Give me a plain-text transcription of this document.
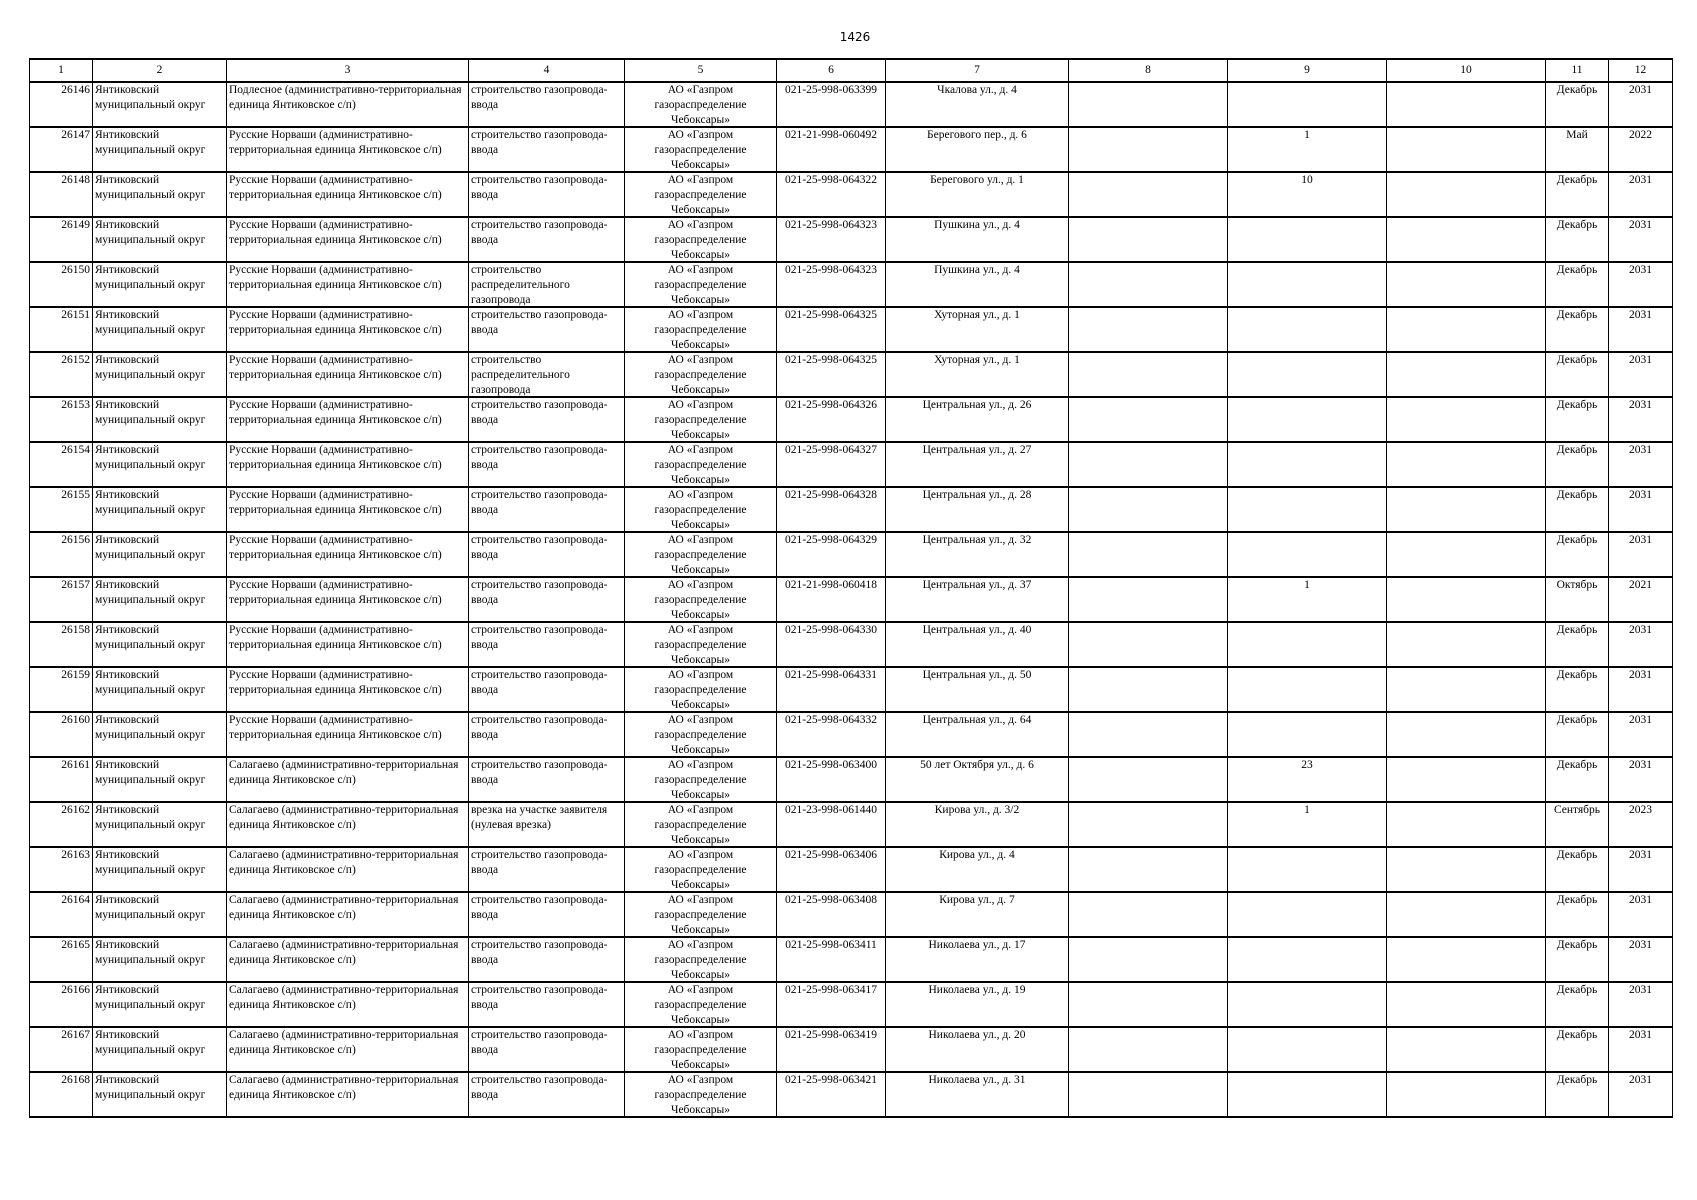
1426
1	2	3	4	5	6	7	8	9	10	11	12

26146	Янтиковский муниципальный округ	Подлесное (административно-территориальная единица Янтиковское с/п)	строительство газопровода-ввода	АО «Газпром газораспределение Чебоксары»	021-25-998-063399	Чкалова ул., д. 4				Декабрь	2031

26147	Янтиковский муниципальный округ	Русские Норваши (административно-территориальная единица Янтиковское с/п)	строительство газопровода-ввода	АО «Газпром газораспределение Чебоксары»	021-21-998-060492	Берегового пер., д. 6		1		Май	2022

26148	Янтиковский муниципальный округ	Русские Норваши (административно-территориальная единица Янтиковское с/п)	строительство газопровода-ввода	АО «Газпром газораспределение Чебоксары»	021-25-998-064322	Берегового ул., д. 1		10		Декабрь	2031

26149	Янтиковский муниципальный округ	Русские Норваши (административно-территориальная единица Янтиковское с/п)	строительство газопровода-ввода	АО «Газпром газораспределение Чебоксары»	021-25-998-064323	Пушкина ул., д. 4				Декабрь	2031

26150	Янтиковский муниципальный округ	Русские Норваши (административно-территориальная единица Янтиковское с/п)	строительство распределительного газопровода	АО «Газпром газораспределение Чебоксары»	021-25-998-064323	Пушкина ул., д. 4				Декабрь	2031

26151	Янтиковский муниципальный округ	Русские Норваши (административно-территориальная единица Янтиковское с/п)	строительство газопровода-ввода	АО «Газпром газораспределение Чебоксары»	021-25-998-064325	Хуторная ул., д. 1				Декабрь	2031

26152	Янтиковский муниципальный округ	Русские Норваши (административно-территориальная единица Янтиковское с/п)	строительство распределительного газопровода	АО «Газпром газораспределение Чебоксары»	021-25-998-064325	Хуторная ул., д. 1				Декабрь	2031

26153	Янтиковский муниципальный округ	Русские Норваши (административно-территориальная единица Янтиковское с/п)	строительство газопровода-ввода	АО «Газпром газораспределение Чебоксары»	021-25-998-064326	Центральная ул., д. 26				Декабрь	2031

26154	Янтиковский муниципальный округ	Русские Норваши (административно-территориальная единица Янтиковское с/п)	строительство газопровода-ввода	АО «Газпром газораспределение Чебоксары»	021-25-998-064327	Центральная ул., д. 27				Декабрь	2031

26155	Янтиковский муниципальный округ	Русские Норваши (административно-территориальная единица Янтиковское с/п)	строительство газопровода-ввода	АО «Газпром газораспределение Чебоксары»	021-25-998-064328	Центральная ул., д. 28				Декабрь	2031

26156	Янтиковский муниципальный округ	Русские Норваши (административно-территориальная единица Янтиковское с/п)	строительство газопровода-ввода	АО «Газпром газораспределение Чебоксары»	021-25-998-064329	Центральная ул., д. 32				Декабрь	2031

26157	Янтиковский муниципальный округ	Русские Норваши (административно-территориальная единица Янтиковское с/п)	строительство газопровода-ввода	АО «Газпром газораспределение Чебоксары»	021-21-998-060418	Центральная ул., д. 37		1		Октябрь	2021

26158	Янтиковский муниципальный округ	Русские Норваши (административно-территориальная единица Янтиковское с/п)	строительство газопровода-ввода	АО «Газпром газораспределение Чебоксары»	021-25-998-064330	Центральная ул., д. 40				Декабрь	2031

26159	Янтиковский муниципальный округ	Русские Норваши (административно-территориальная единица Янтиковское с/п)	строительство газопровода-ввода	АО «Газпром газораспределение Чебоксары»	021-25-998-064331	Центральная ул., д. 50				Декабрь	2031

26160	Янтиковский муниципальный округ	Русские Норваши (административно-территориальная единица Янтиковское с/п)	строительство газопровода-ввода	АО «Газпром газораспределение Чебоксары»	021-25-998-064332	Центральная ул., д. 64				Декабрь	2031

26161	Янтиковский муниципальный округ	Салагаево (административно-территориальная единица Янтиковское с/п)	строительство газопровода-ввода	АО «Газпром газораспределение Чебоксары»	021-25-998-063400	50 лет Октября ул., д. 6		23		Декабрь	2031

26162	Янтиковский муниципальный округ	Салагаево (административно-территориальная единица Янтиковское с/п)	врезка на участке заявителя (нулевая врезка)	АО «Газпром газораспределение Чебоксары»	021-23-998-061440	Кирова ул., д. 3/2		1		Сентябрь	2023

26163	Янтиковский муниципальный округ	Салагаево (административно-территориальная единица Янтиковское с/п)	строительство газопровода-ввода	АО «Газпром газораспределение Чебоксары»	021-25-998-063406	Кирова ул., д. 4				Декабрь	2031

26164	Янтиковский муниципальный округ	Салагаево (административно-территориальная единица Янтиковское с/п)	строительство газопровода-ввода	АО «Газпром газораспределение Чебоксары»	021-25-998-063408	Кирова ул., д. 7				Декабрь	2031

26165	Янтиковский муниципальный округ	Салагаево (административно-территориальная единица Янтиковское с/п)	строительство газопровода-ввода	АО «Газпром газораспределение Чебоксары»	021-25-998-063411	Николаева ул., д. 17				Декабрь	2031

26166	Янтиковский муниципальный округ	Салагаево (административно-территориальная единица Янтиковское с/п)	строительство газопровода-ввода	АО «Газпром газораспределение Чебоксары»	021-25-998-063417	Николаева ул., д. 19				Декабрь	2031

26167	Янтиковский муниципальный округ	Салагаево (административно-территориальная единица Янтиковское с/п)	строительство газопровода-ввода	АО «Газпром газораспределение Чебоксары»	021-25-998-063419	Николаева ул., д. 20				Декабрь	2031

26168	Янтиковский муниципальный округ	Салагаево (административно-территориальная единица Янтиковское с/п)	строительство газопровода-ввода	АО «Газпром газораспределение Чебоксары»	021-25-998-063421	Николаева ул., д. 31				Декабрь	2031
